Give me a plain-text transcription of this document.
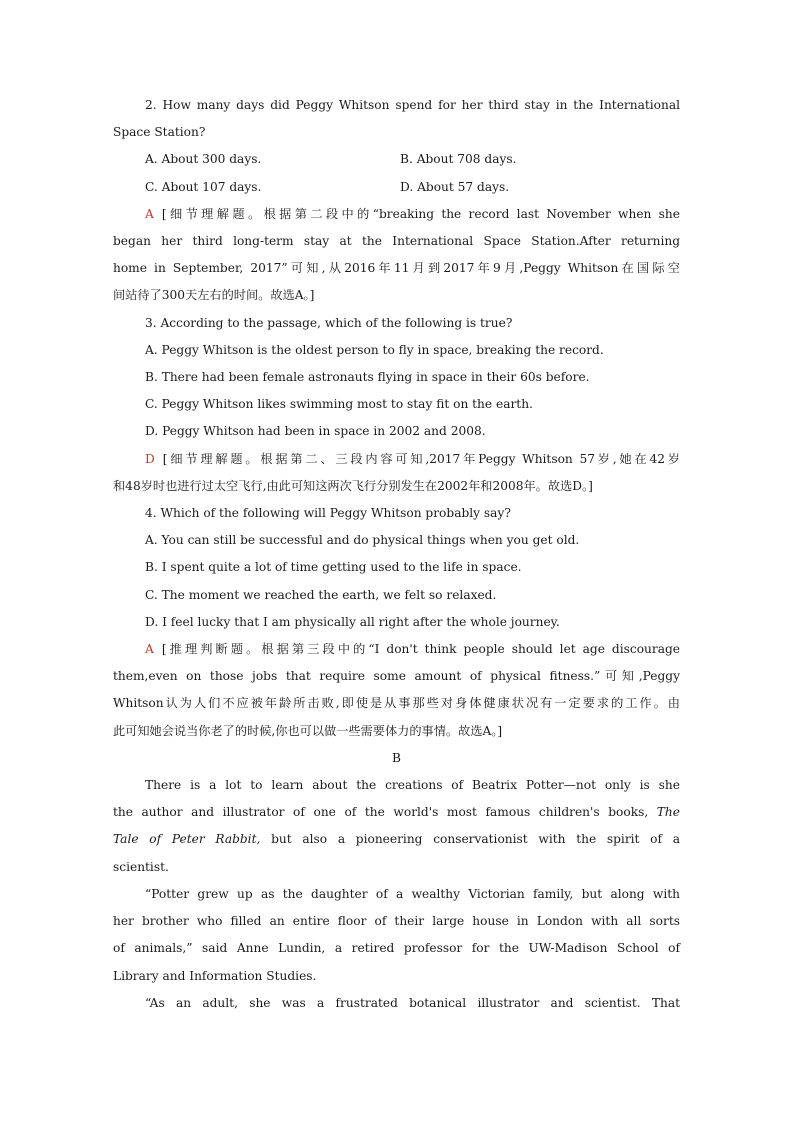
2. How many days did Peggy Whitson spend for her third stay in the International
Space Station?
A. About 300 days.	B. About 708 days.
C. About 107 days.	D. About 57 days.
A [细节理解题。根据第二段中的“breaking the record last November when she
began her third long-term stay at the International Space Station.After returning
home in September, 2017”可知,从2016年11月到2017年9月,Peggy Whitson在国际空
间站待了300天左右的时间。故选A。]
3. According to the passage, which of the following is true?
A. Peggy Whitson is the oldest person to fly in space, breaking the record.
B. There had been female astronauts flying in space in their 60s before.
C. Peggy Whitson likes swimming most to stay fit on the earth.
D. Peggy Whitson had been in space in 2002 and 2008.
D [细节理解题。根据第二、三段内容可知,2017年Peggy Whitson 57岁,她在42岁
和48岁时也进行过太空飞行,由此可知这两次飞行分别发生在2002年和2008年。故选D。]
4. Which of the following will Peggy Whitson probably say?
A. You can still be successful and do physical things when you get old.
B. I spent quite a lot of time getting used to the life in space.
C. The moment we reached the earth, we felt so relaxed.
D. I feel lucky that I am physically all right after the whole journey.
A [推理判断题。根据第三段中的“I don't think people should let age discourage
them,even on those jobs that require some amount of physical fitness.”可知,Peggy
Whitson认为人们不应被年龄所击败,即使是从事那些对身体健康状况有一定要求的工作。由
此可知她会说当你老了的时候,你也可以做一些需要体力的事情。故选A。]
B
There is a lot to learn about the creations of Beatrix Potter—not only is she
the author and illustrator of one of the world's most famous children's books, The
Tale of Peter Rabbit, but also a pioneering conservationist with the spirit of a
scientist.
“Potter grew up as the daughter of a wealthy Victorian family, but along with
her brother who filled an entire floor of their large house in London with all sorts
of animals,” said Anne Lundin, a retired professor for the UW-Madison School of
Library and Information Studies.
“As an adult, she was a frustrated botanical illustrator and scientist. That
